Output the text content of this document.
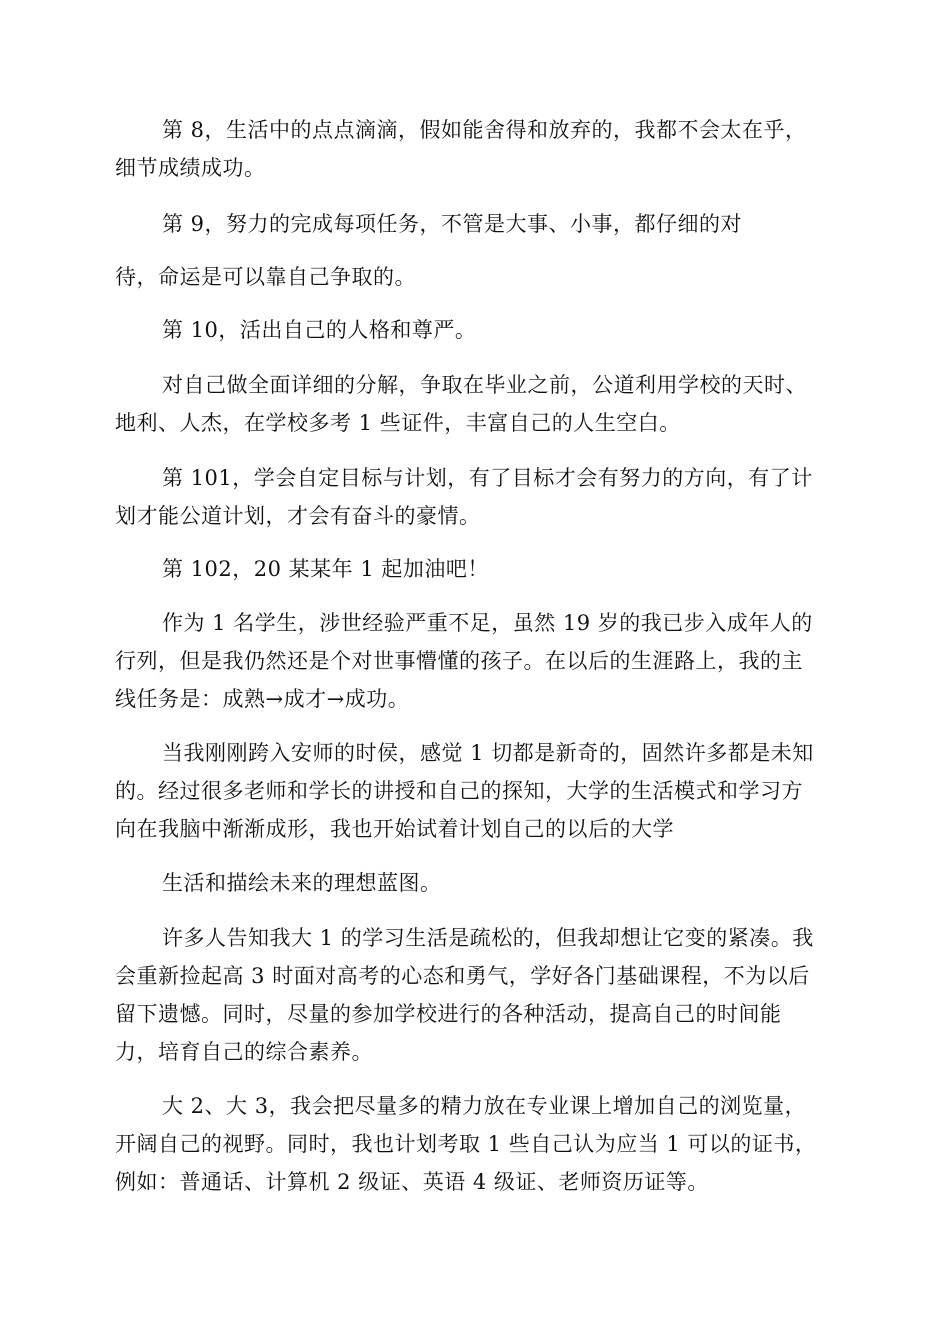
第 8，生活中的点点滴滴，假如能舍得和放弃的，我都不会太在乎，
细节成绩成功。
第 9，努力的完成每项任务，不管是大事、小事，都仔细的对
待，命运是可以靠自己争取的。
第 10，活出自己的人格和尊严。
对自己做全面详细的分解，争取在毕业之前，公道利用学校的天时、
地利、人杰，在学校多考 1 些证件，丰富自己的人生空白。
第 101，学会自定目标与计划，有了目标才会有努力的方向，有了计
划才能公道计划，才会有奋斗的豪情。
第 102，20 某某年 1 起加油吧！
作为 1 名学生，涉世经验严重不足，虽然 19 岁的我已步入成年人的
行列，但是我仍然还是个对世事懵懂的孩子。在以后的生涯路上，我的主
线任务是：成熟→成才→成功。
当我刚刚跨入安师的时侯，感觉 1 切都是新奇的，固然许多都是未知
的。经过很多老师和学长的讲授和自己的探知，大学的生活模式和学习方
向在我脑中渐渐成形，我也开始试着计划自己的以后的大学
生活和描绘未来的理想蓝图。
许多人告知我大 1 的学习生活是疏松的，但我却想让它变的紧凑。我
会重新捡起高 3 时面对高考的心态和勇气，学好各门基础课程，不为以后
留下遗憾。同时，尽量的参加学校进行的各种活动，提高自己的时间能
力，培育自己的综合素养。
大 2、大 3，我会把尽量多的精力放在专业课上增加自己的浏览量，
开阔自己的视野。同时，我也计划考取 1 些自己认为应当 1 可以的证书，
例如：普通话、计算机 2 级证、英语 4 级证、老师资历证等。
